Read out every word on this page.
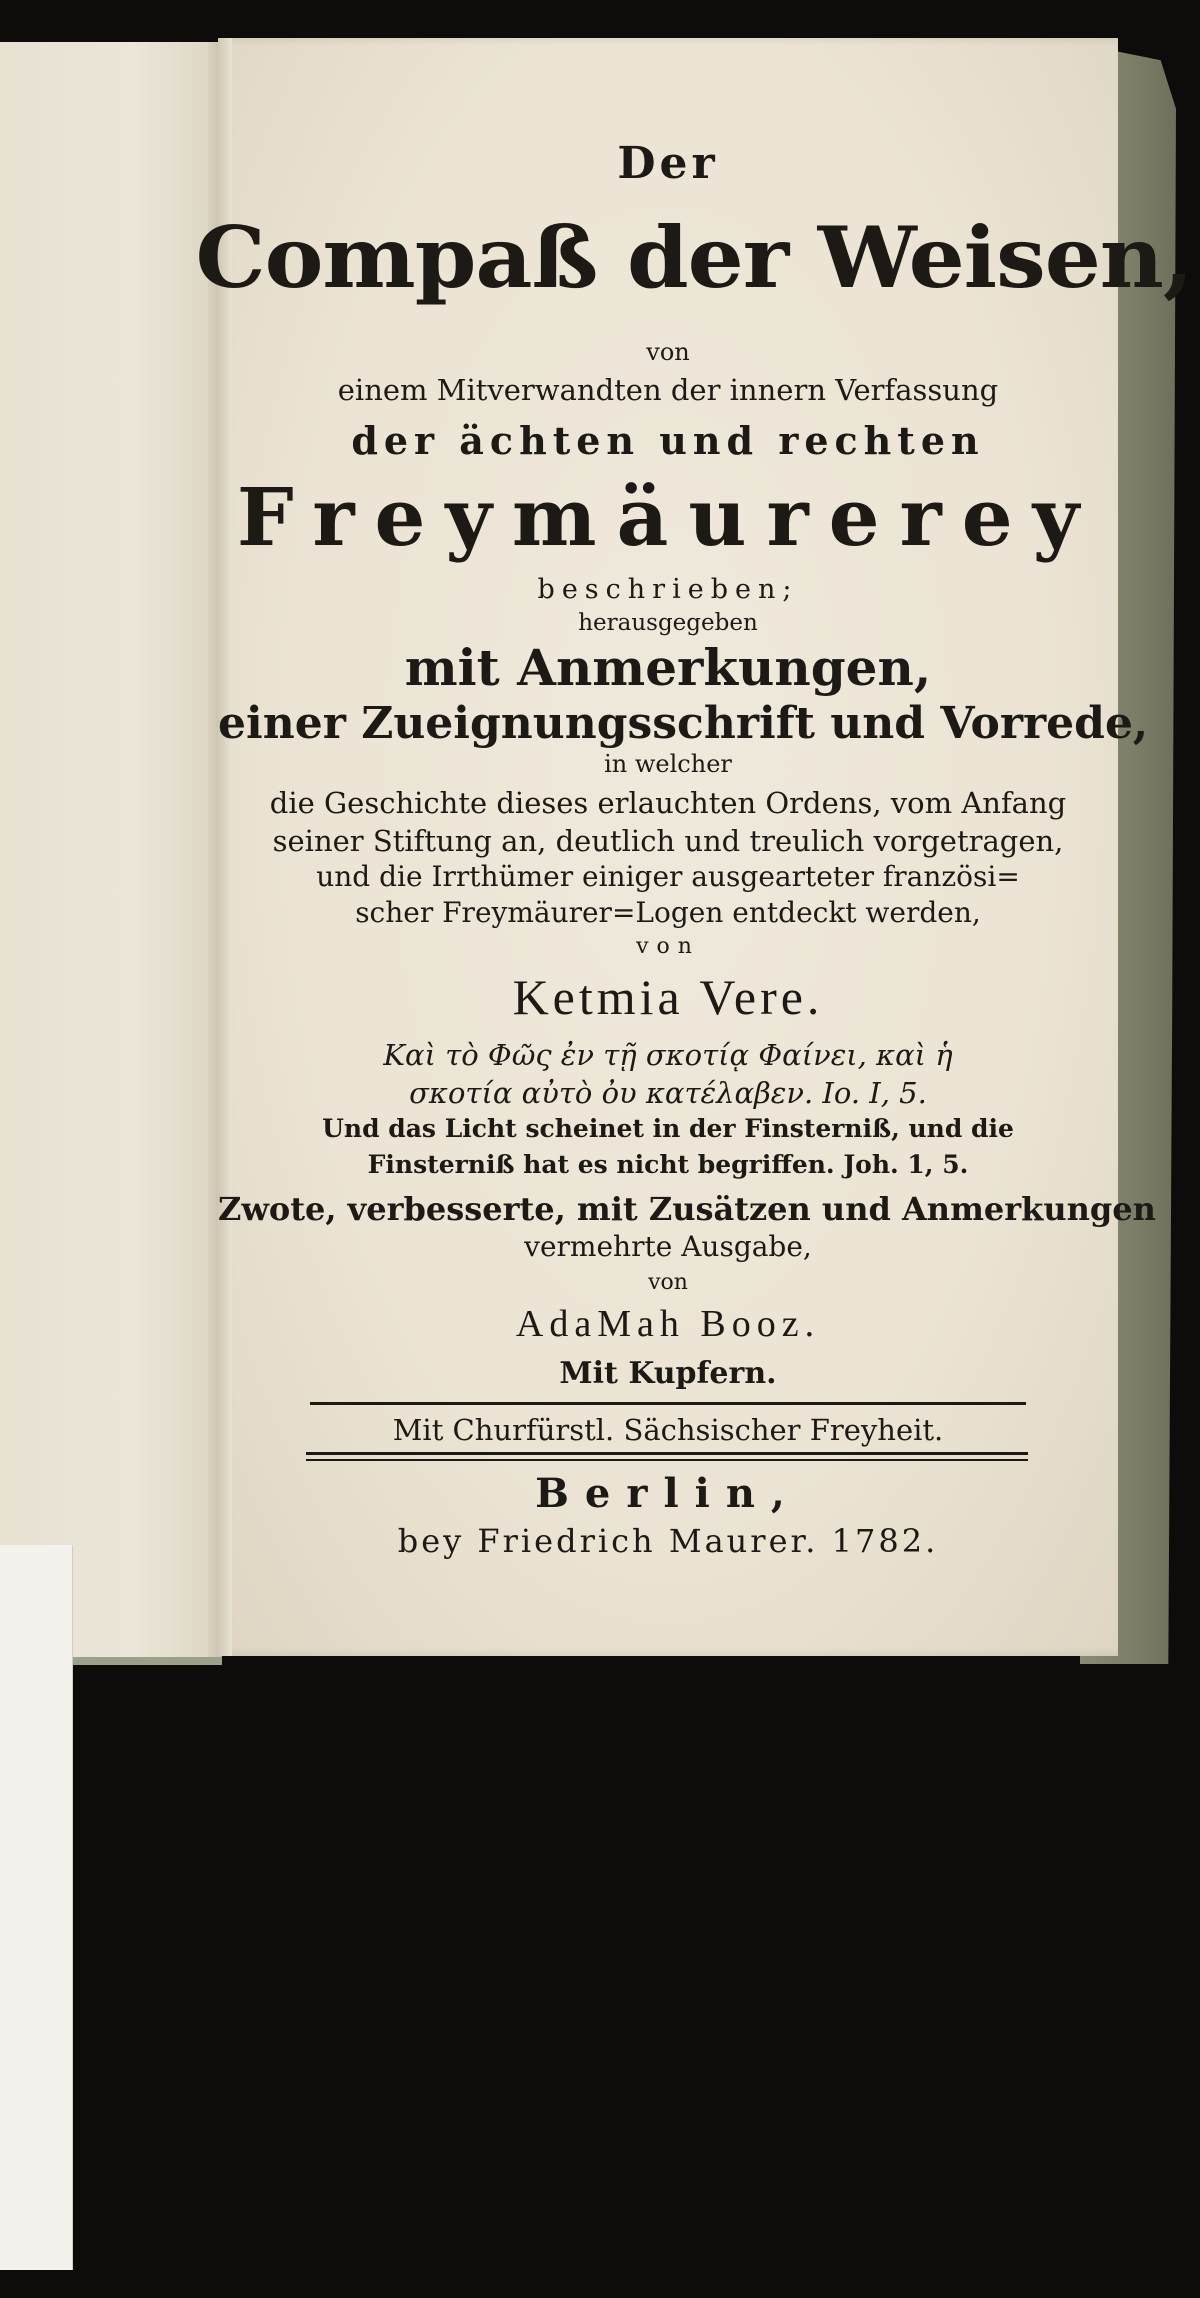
Der
Compaß der Weisen,
von
einem Mitverwandten der innern Verfassung
der ächten und rechten
Freymäurerey
beschrieben;
herausgegeben
mit Anmerkungen,
einer Zueignungsschrift und Vorrede,
in welcher
die Geschichte dieses erlauchten Ordens, vom Anfang
seiner Stiftung an, deutlich und treulich vorgetragen,
und die Irrthümer einiger ausgearteter französi=
scher Freymäurer=Logen entdeckt werden,
von
Ketmia Vere.
Καὶ τὸ Φῶς ἐν τῇ σκοτίᾳ Φαίνει, καὶ ἡ
σκοτία αὐτὸ ὀυ κατέλαβεν. Io. I, 5.
Und das Licht scheinet in der Finsterniß, und die
Finsterniß hat es nicht begriffen. Joh. 1, 5.
Zwote, verbesserte, mit Zusätzen und Anmerkungen
vermehrte Ausgabe,
von
AdaMah Booz.
Mit Kupfern.
Mit Churfürstl. Sächsischer Freyheit.
Berlin,
bey Friedrich Maurer. 1782.
